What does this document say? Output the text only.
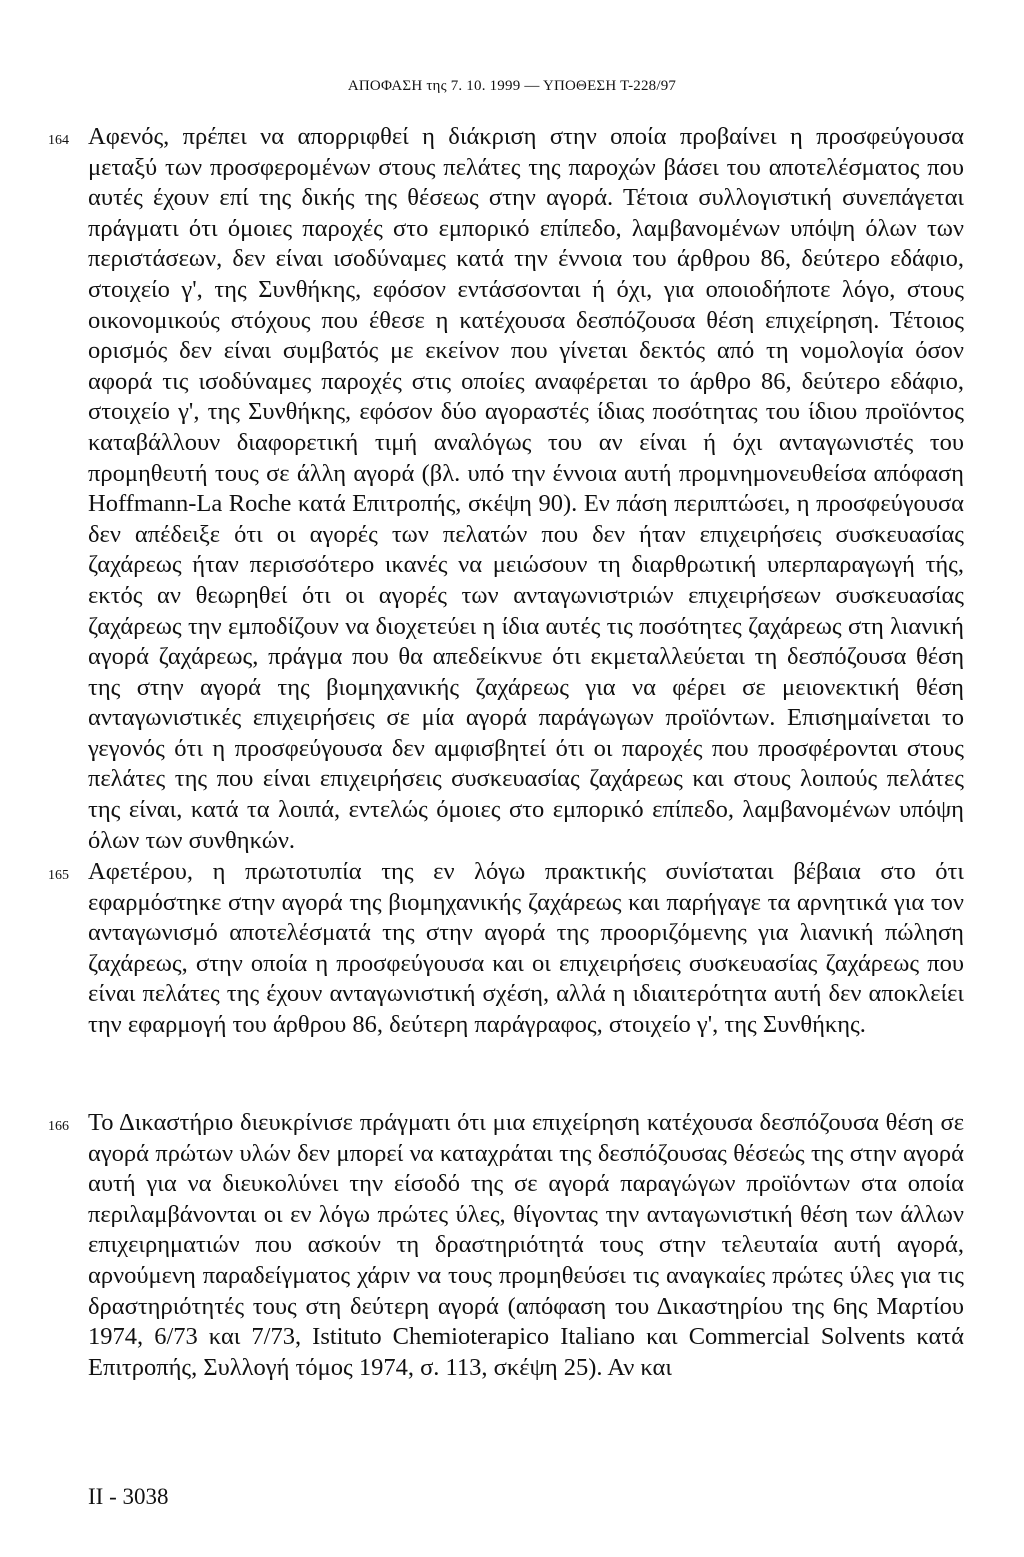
ΑΠΟΦΑΣΗ της 7. 10. 1999 — ΥΠΟΘΕΣΗ Τ-228/97
164 Αφενός, πρέπει να απορριφθεί η διάκριση στην οποία προβαίνει η προσφεύγουσα μεταξύ των προσφερομένων στους πελάτες της παροχών βάσει του αποτελέσματος που αυτές έχουν επί της δικής της θέσεως στην αγορά. Τέτοια συλλογιστική συνεπάγεται πράγματι ότι όμοιες παροχές στο εμπορικό επίπεδο, λαμβανομένων υπόψη όλων των περιστάσεων, δεν είναι ισοδύναμες κατά την έννοια του άρθρου 86, δεύτερο εδάφιο, στοιχείο γ', της Συνθήκης, εφόσον εντάσσονται ή όχι, για οποιοδήποτε λόγο, στους οικονομικούς στόχους που έθεσε η κατέχουσα δεσπόζουσα θέση επιχείρηση. Τέτοιος ορισμός δεν είναι συμβατός με εκείνον που γίνεται δεκτός από τη νομολογία όσον αφορά τις ισοδύναμες παροχές στις οποίες αναφέρεται το άρθρο 86, δεύτερο εδάφιο, στοιχείο γ', της Συνθήκης, εφόσον δύο αγοραστές ίδιας ποσότητας του ίδιου προϊόντος καταβάλλουν διαφορετική τιμή αναλόγως του αν είναι ή όχι ανταγωνιστές του προμηθευτή τους σε άλλη αγορά (βλ. υπό την έννοια αυτή προμνημονευθείσα απόφαση Hoffmann-La Roche κατά Επιτροπής, σκέψη 90). Εν πάση περιπτώσει, η προσφεύγουσα δεν απέδειξε ότι οι αγορές των πελατών που δεν ήταν επιχειρήσεις συσκευασίας ζαχάρεως ήταν περισσότερο ικανές να μειώσουν τη διαρθρωτική υπερπαραγωγή τής, εκτός αν θεωρηθεί ότι οι αγορές των ανταγωνιστριών επιχειρήσεων συσκευασίας ζαχάρεως την εμποδίζουν να διοχετεύει η ίδια αυτές τις ποσότητες ζαχάρεως στη λιανική αγορά ζαχάρεως, πράγμα που θα απεδείκνυε ότι εκμεταλλεύεται τη δεσπόζουσα θέση της στην αγορά της βιομηχανικής ζαχάρεως για να φέρει σε μειονεκτική θέση ανταγωνιστικές επιχειρήσεις σε μία αγορά παράγωγων προϊόντων. Επισημαίνεται το γεγονός ότι η προσφεύγουσα δεν αμφισβητεί ότι οι παροχές που προσφέρονται στους πελάτες της που είναι επιχειρήσεις συσκευασίας ζαχάρεως και στους λοιπούς πελάτες της είναι, κατά τα λοιπά, εντελώς όμοιες στο εμπορικό επίπεδο, λαμβανομένων υπόψη όλων των συνθηκών.

165 Αφετέρου, η πρωτοτυπία της εν λόγω πρακτικής συνίσταται βέβαια στο ότι εφαρμόστηκε στην αγορά της βιομηχανικής ζαχάρεως και παρήγαγε τα αρνητικά για τον ανταγωνισμό αποτελέσματά της στην αγορά της προοριζόμενης για λιανική πώληση ζαχάρεως, στην οποία η προσφεύγουσα και οι επιχειρήσεις συσκευασίας ζαχάρεως που είναι πελάτες της έχουν ανταγωνιστική σχέση, αλλά η ιδιαιτερότητα αυτή δεν αποκλείει την εφαρμογή του άρθρου 86, δεύτερη παράγραφος, στοιχείο γ', της Συνθήκης.

166 Το Δικαστήριο διευκρίνισε πράγματι ότι μια επιχείρηση κατέχουσα δεσπόζουσα θέση σε αγορά πρώτων υλών δεν μπορεί να καταχράται της δεσπόζουσας θέσεώς της στην αγορά αυτή για να διευκολύνει την είσοδό της σε αγορά παραγώγων προϊόντων στα οποία περιλαμβάνονται οι εν λόγω πρώτες ύλες, θίγοντας την ανταγωνιστική θέση των άλλων επιχειρηματιών που ασκούν τη δραστηριότητά τους στην τελευταία αυτή αγορά, αρνούμενη παραδείγματος χάριν να τους προμηθεύσει τις αναγκαίες πρώτες ύλες για τις δραστηριότητές τους στη δεύτερη αγορά (απόφαση του Δικαστηρίου της 6ης Μαρτίου 1974, 6/73 και 7/73, Istituto Chemioterapico Italiano και Commercial Solvents κατά Επιτροπής, Συλλογή τόμος 1974, σ. 113, σκέψη 25). Αν και

II - 3038
